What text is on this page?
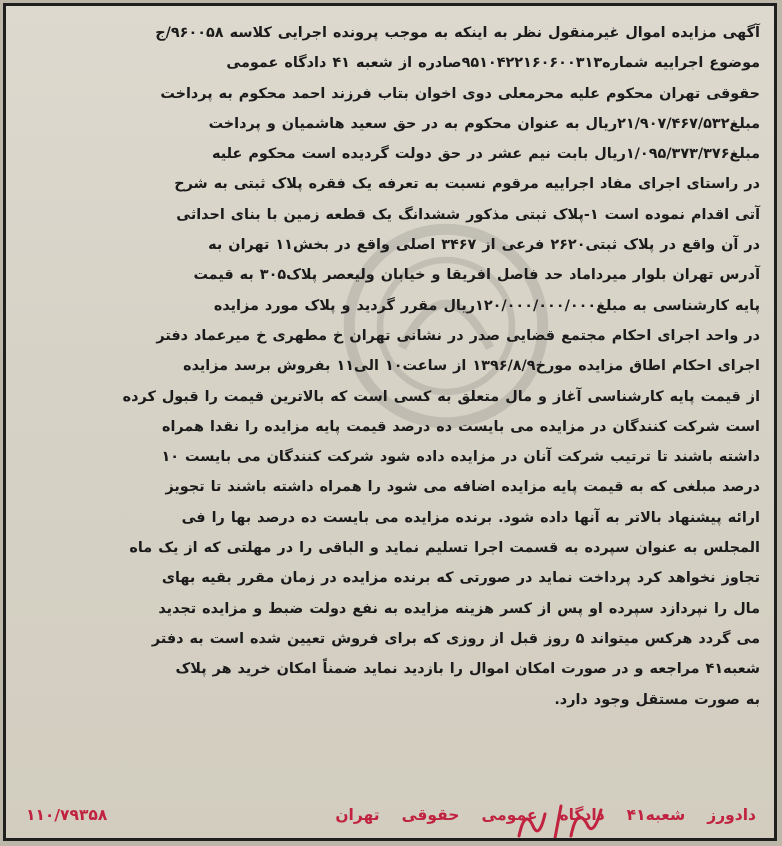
آگهی مزایده اموال غیرمنقول نظر به اینکه به موجب پرونده اجرایی کلاسه ۹۶۰۰۵۸/ج

موضوع اجراییه شماره۹۵۱۰۴۲۲۱۶۰۶۰۰۳۱۳صادره از شعبه ۴۱ دادگاه عمومی

حقوقی تهران محکوم علیه محرمعلی دوی اخوان بتاب فرزند احمد محکوم به پرداخت

مبلغ۲۱/۹۰۷/۴۶۷/۵۳۲ریال به عنوان محکوم به در حق سعید هاشمیان و پرداخت

مبلغ۱/۰۹۵/۳۷۳/۳۷۶ریال بابت نیم عشر در حق دولت گردیده است محکوم علیه

در راستای اجرای مفاد اجراییه مرقوم نسبت به تعرفه یک فقره پلاک ثبتی به شرح

آتی اقدام نموده است ۱-پلاک ثبتی مذکور ششدانگ یک قطعه زمین با بنای احداثی

در آن واقع در پلاک ثبتی۲۶۲۰ فرعی از ۳۴۶۷ اصلی واقع در بخش۱۱ تهران به

آدرس تهران بلوار میرداماد حد فاصل افریقا و خیابان ولیعصر پلاک۳۰۵ به قیمت

پایه کارشناسی به مبلغ۱۲۰/۰۰۰/۰۰۰/۰۰۰ریال مقرر گردید و پلاک مورد مزایده

در واحد اجرای احکام مجتمع قضایی صدر در نشانی تهران خ مطهری خ میرعماد دفتر

اجرای احکام اطاق مزایده مورخ۱۳۹۶/۸/۹ از ساعت۱۰ الی۱۱ بفروش برسد مزایده

از قیمت پایه کارشناسی آغاز و مال متعلق به کسی است که بالاترین قیمت را قبول کرده

است شرکت کنندگان در مزایده می بایست ده درصد قیمت پایه مزایده را نقدا همراه

داشته باشند تا ترتیب شرکت آنان در مزایده داده شود شرکت کنندگان می بایست ۱۰

درصد مبلغی که به قیمت پایه مزایده اضافه می شود را همراه داشته باشند تا تجویز

ارائه پیشنهاد بالاتر به آنها داده شود. برنده مزایده می بایست ده درصد بها را فی

المجلس به عنوان سپرده به قسمت اجرا تسلیم نماید و الباقی را در مهلتی که از یک ماه

تجاوز نخواهد کرد پرداخت نماید در صورتی که برنده مزایده در زمان مقرر بقیه بهای

مال را نپردازد سپرده او پس از کسر هزینه مزایده به نفع دولت ضبط و مزایده تجدید

می گردد هرکس میتواند ۵ روز قبل از روزی که برای فروش تعیین شده است به دفتر

شعبه۴۱ مراجعه و در صورت امکان اموال را بازدید نماید ضمناً امکان خرید هر پلاک

به صورت مستقل وجود دارد.

دادورز
شعبه۴۱
دادگاه
عمومی
حقوقی
تهران
۱۱۰/۷۹۳۵۸
